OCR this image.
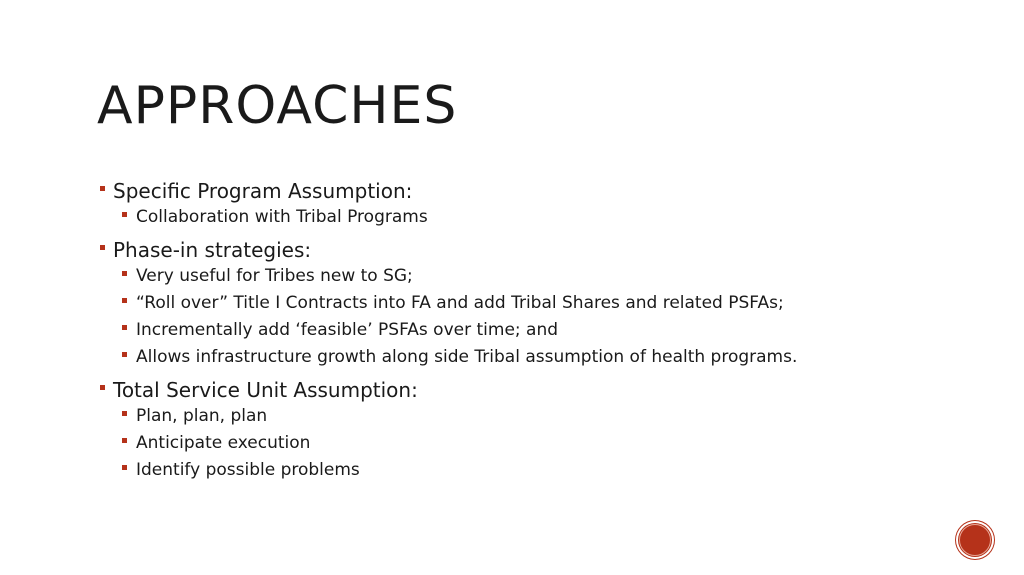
APPROACHES
Specific Program Assumption:
Collaboration with Tribal Programs
Phase-in strategies:
Very useful for Tribes new to SG;
“Roll over” Title I Contracts into FA and add Tribal Shares and related PSFAs;
Incrementally add ‘feasible’ PSFAs over time; and
Allows infrastructure growth along side Tribal assumption of health programs.
Total Service Unit Assumption:
Plan, plan, plan
Anticipate execution
Identify possible problems
